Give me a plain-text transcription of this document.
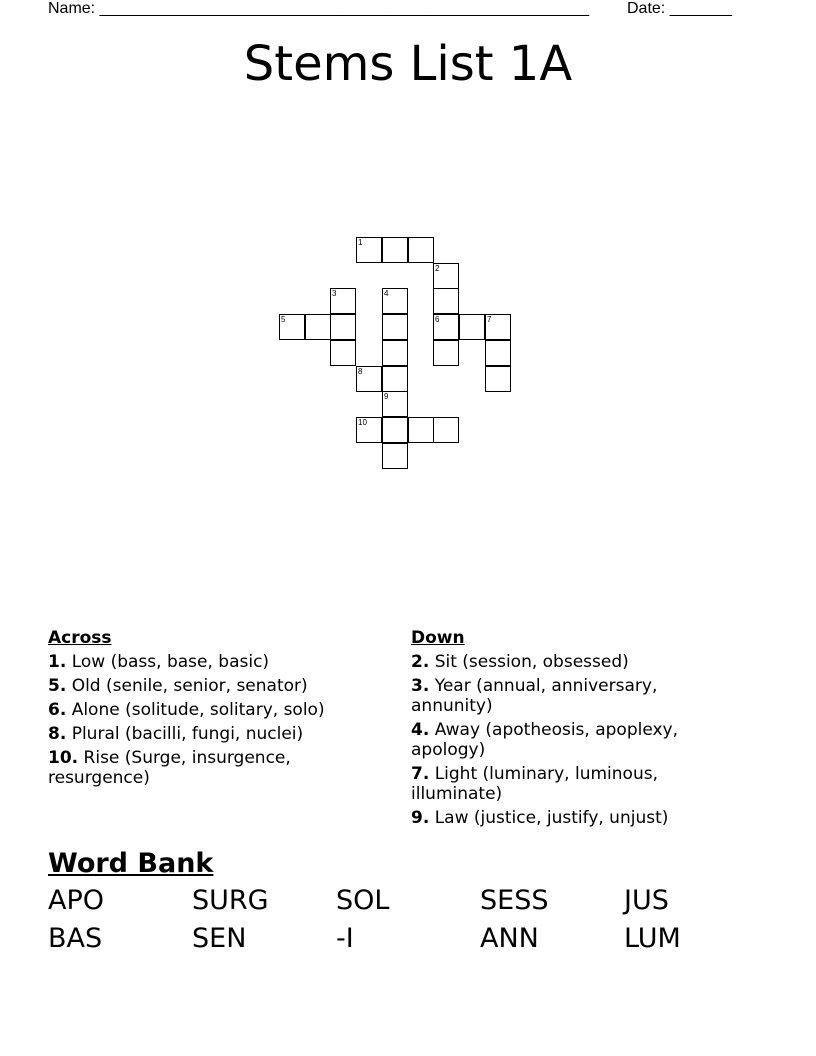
Name: _______________________________________________________ Date: _______
Stems List 1A
1
2
3	4
5	6	7
8
9
10
Across
1. Low (bass, base, basic)
5. Old (senile, senior, senator)
6. Alone (solitude, solitary, solo)
8. Plural (bacilli, fungi, nuclei)
10. Rise (Surge, insurgence, resurgence)
Down
2. Sit (session, obsessed)
3. Year (annual, anniversary, annunity)
4. Away (apotheosis, apoplexy, apology)
7. Light (luminary, luminous, illuminate)
9. Law (justice, justify, unjust)
Word Bank
APO	SURG SOL	SESS	JUS
BAS	SEN	-I	ANN	LUM
